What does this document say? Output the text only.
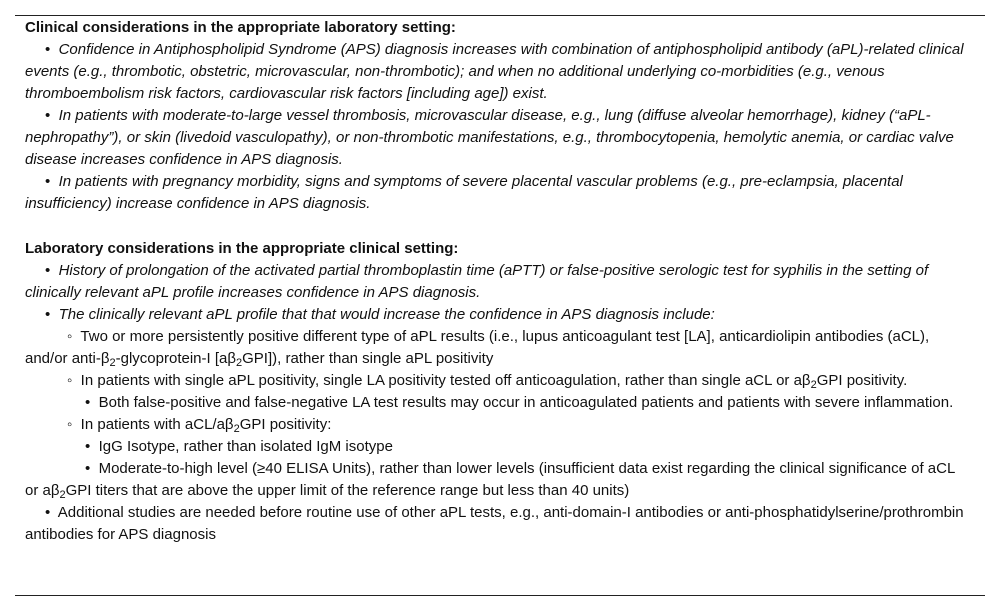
Clinical considerations in the appropriate laboratory setting:
•  Confidence in Antiphospholipid Syndrome (APS) diagnosis increases with combination of antiphospholipid antibody (aPL)-related clinical events (e.g., thrombotic, obstetric, microvascular, non-thrombotic); and when no additional underlying co-morbidities (e.g., venous thromboembolism risk factors, cardiovascular risk factors [including age]) exist.
•  In patients with moderate-to-large vessel thrombosis, microvascular disease, e.g., lung (diffuse alveolar hemorrhage), kidney (“aPL-nephropathy”), or skin (livedoid vasculopathy), or non-thrombotic manifestations, e.g., thrombocytopenia, hemolytic anemia, or cardiac valve disease increases confidence in APS diagnosis.
•  In patients with pregnancy morbidity, signs and symptoms of severe placental vascular problems (e.g., pre-eclampsia, placental insufficiency) increase confidence in APS diagnosis.
Laboratory considerations in the appropriate clinical setting:
•  History of prolongation of the activated partial thromboplastin time (aPTT) or false-positive serologic test for syphilis in the setting of clinically relevant aPL profile increases confidence in APS diagnosis.
•  The clinically relevant aPL profile that that would increase the confidence in APS diagnosis include:
◦  Two or more persistently positive different type of aPL results (i.e., lupus anticoagulant test [LA], anticardiolipin antibodies (aCL), and/or anti-$\beta_2-glycoprotein-I$ $[a\beta_2GPI]$), rather than single aPL positivity
◦  In patients with single aPL positivity, single LA positivity tested off anticoagulation, rather than single aCL or $a\beta_2GPI$ positivity.
•  Both false-positive and false-negative LA test results may occur in anticoagulated patients and patients with severe inflammation.
◦  In patients with aCL/$a\beta_2GPI$ positivity:
•  IgG Isotype, rather than isolated IgM isotype
•  Moderate-to-high level (≥40 ELISA Units), rather than lower levels (insufficient data exist regarding the clinical significance of aCL or $a\beta_2GPI$ titers that are above the upper limit of the reference range but less than 40 units)
•  Additional studies are needed before routine use of other aPL tests, e.g., anti-domain-I antibodies or anti-phosphatidylserine/prothrombin antibodies for APS diagnosis
